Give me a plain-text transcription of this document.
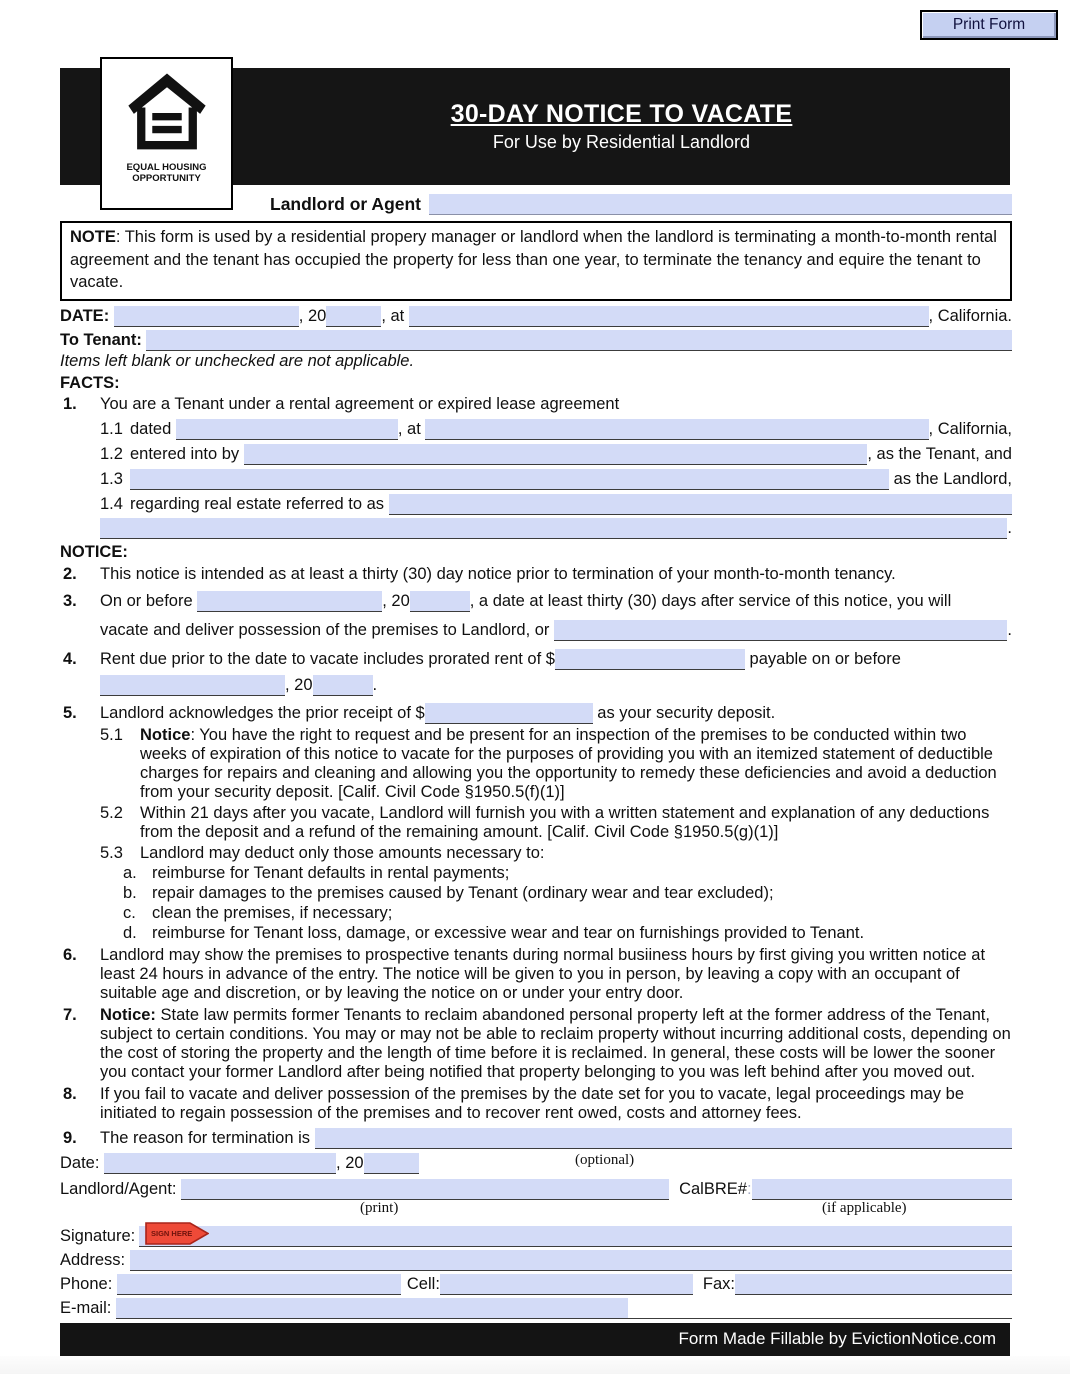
Print Form
30-DAY NOTICE TO VACATE
For Use by Residential Landlord
EQUAL HOUSING
OPPORTUNITY
Landlord or Agent
NOTE: This form is used by a residential propery manager or landlord when the landlord is terminating a month-to-month rental agreement and the tenant has occupied the property for less than one year, to terminate the tenancy and equire the tenant to vacate.
DATE:	, 20	, at	, California.
To Tenant:
Items left blank or unchecked are not applicable.
FACTS:
1. You are a Tenant under a rental agreement or expired lease agreement
1.1 dated	, at	, California,
1.2 entered into by	, as the Tenant, and
1.3	as the Landlord,
1.4 regarding real estate referred to as
.
NOTICE:
2. This notice is intended as at least a thirty (30) day notice prior to termination of your month-to-month tenancy.
3. On or before	, 20	, a date at least thirty (30) days after service of this notice, you will
vacate and deliver possession of the premises to Landlord, or	.
4. Rent due prior to the date to vacate includes prorated rent of $	payable on or before
, 20	.
5. Landlord acknowledges the prior receipt of $	as your security deposit.
5.1 Notice: You have the right to request and be present for an inspection of the premises to be conducted within two weeks of expiration of this notice to vacate for the purposes of providing you with an itemized statement of deductible charges for repairs and cleaning and allowing you the opportunity to remedy these deficiencies and avoid a deduction from your security deposit. [Calif. Civil Code §1950.5(f)(1)]
5.2 Within 21 days after you vacate, Landlord will furnish you with a written statement and explanation of any deductions from the deposit and a refund of the remaining amount. [Calif. Civil Code §1950.5(g)(1)]
5.3 Landlord may deduct only those amounts necessary to:
a. reimburse for Tenant defaults in rental payments;
b. repair damages to the premises caused by Tenant (ordinary wear and tear excluded);
c. clean the premises, if necessary;
d. reimburse for Tenant loss, damage, or excessive wear and tear on furnishings provided to Tenant.
6. Landlord may show the premises to prospective tenants during normal busiiness hours by first giving you written notice at least 24 hours in advance of the entry. The notice will be given to you in person, by leaving a copy with an occupant of suitable age and discretion, or by leaving the notice on or under your entry door.
7. Notice: State law permits former Tenants to reclaim abandoned personal property left at the former address of the Tenant, subject to certain conditions. You may or may not be able to reclaim property without incurring additional costs, depending on the cost of storing the property and the length of time before it is reclaimed. In general, these costs will be lower the sooner you contact your former Landlord after being notified that property belonging to you was left behind after you moved out.
8. If you fail to vacate and deliver possession of the premises by the date set for you to vacate, legal proceedings may be initiated to regain possession of the premises and to recover rent owed, costs and attorney fees.
9. The reason for termination is
Date:	, 20	(optional)
Landlord/Agent:	CalBRE# :
(print)	(if applicable)
Signature: SIGN HERE
Address:
Phone:	Cell:	Fax:
E-mail:
Form Made Fillable by EvictionNotice.com
